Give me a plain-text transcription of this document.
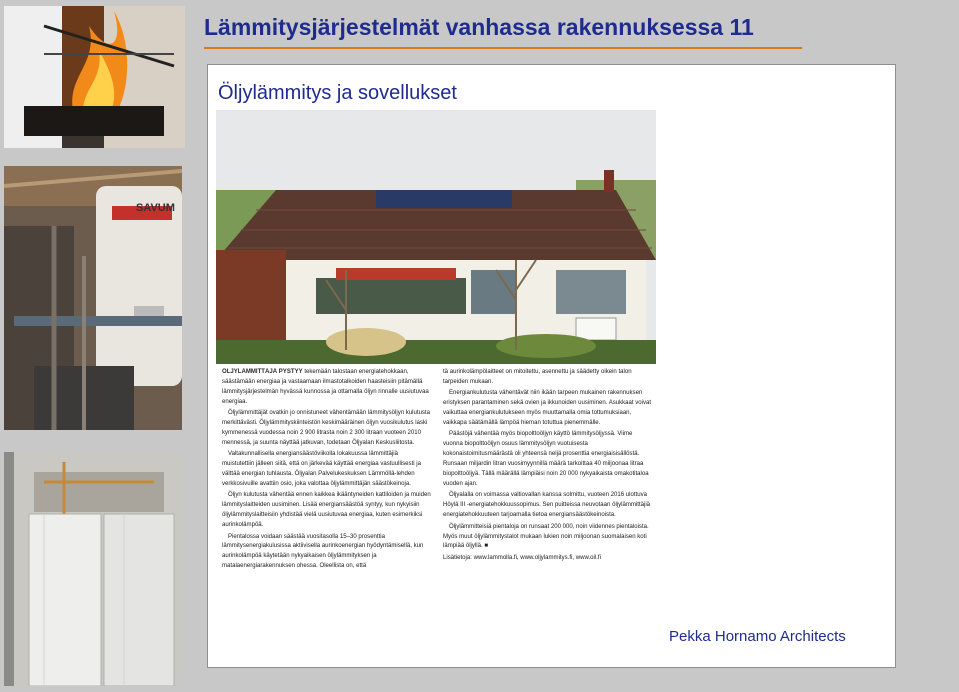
Lämmitysjärjestelmät vanhassa rakennuksessa 11
Öljylämmitys ja sovellukset
SAVUM

ÖLJYLÄMMITTÄJÄ PYSTYY tekemään talostaan energiatehokkaan, säästämään energiaa ja vastaamaan ilmastotalkoiden haasteisiin pitämällä lämmitysjärjestelmän hyvässä kunnossa ja ottamalla öljyn rinnalle uusiutuvaa energiaa.

Öljylämmittäjät ovatkin jo onnistuneet vähentämään lämmitysöljyn kulutusta merkittävästi. Öljylämmityskiinteistön keskimääräinen öljyn vuosikulutus laski kymmenessä vuodessa noin 2 900 litrasta noin 2 300 litraan vuoteen 2010 mennessä, ja suunta näyttää jatkuvan, todetaan Öljyalan Keskusliitosta.

Valtakunnallisella energiansäästöviikolla lokakuussa lämmittäjiä muistutettiin jälleen siitä, että on järkevää käyttää energiaa vastuullisesti ja välttää energian tuhlausta. Öljyalan Palvelukeskuksen Lämmöllä-lehden verkkosivuille avattiin osio, joka valottaa öljylämmittäjän säästökeinoja.

Öljyn kulutusta vähentää ennen kaikkea ikääntyneiden kattiloiden ja muiden lämmityslaitteiden uusiminen. Lisää energiansäästöä syntyy, kun nykyisiin öljylämmityslaitteisiin yhdistää vielä uusiutuvaa energiaa, kuten esimerkiksi aurinkolämpöä.

Pientalossa voidaan säästää vuositasolla 15–30 prosenttia lämmitysenergiakulusissa aktiivisella aurinkoenergian hyödyntämisellä, kun aurinkolämpöä käytetään nykyaikaisen öljylämmityksen ja matalaenergiarakennuksen ohessa. Oleellista on, että

tä aurinkolämpölaitteet on mitoitettu, asennettu ja säädetty oikein talon tarpeiden mukaan.

Energiankulutusta vähentävät niin ikään tarpeen mukainen rakennuksen eristyksen parantaminen sekä ovien ja ikkunoiden uusiminen. Asukkaat voivat vaikuttaa energiankulutukseen myös muuttamalla omia tottumuksiaan, vaikkapa säätämällä lämpöä hieman totuttua pienemmälle.

Päästöjä vähentää myös biopolttoöljyn käyttö lämmitysöljyssä. Viime vuonna biopolttoöljyn osuus lämmitysöljyn vuotuisesta kokonaistoimitusmäärästä oli yhteensä neljä prosenttia energiaisisällöstä. Runsaan miljardin litran vuosimyynnillä määrä tarkoittaa 40 miljoonaa litraa biopolttoöljyä. Tällä määrällä lämpiäisi noin 20 000 nykyaikaista omakotitaloa vuoden ajan.

Öljyalalla on voimassa valtiovallan kanssa solmittu, vuoteen 2016 ulottuva Höylä III -energiatehokkuussopimus. Sen puitteissa neuvotaan öljylämmittäjiä energiatehokkuuteen tarjoamalla tietoa energiansäästökeinoista.

Öljylämmitteisiä pientaloja on runsaat 200 000, noin viidennes pientaloista. Myös muut öljylämmitystalot mukaan lukien noin miljoonan suomalaisen koti lämpiää öljyllä. ■

Lisätietoja: www.lammolla.fi, www.oljylammitys.fi, www.oil.fi

Pekka Hornamo Architects
